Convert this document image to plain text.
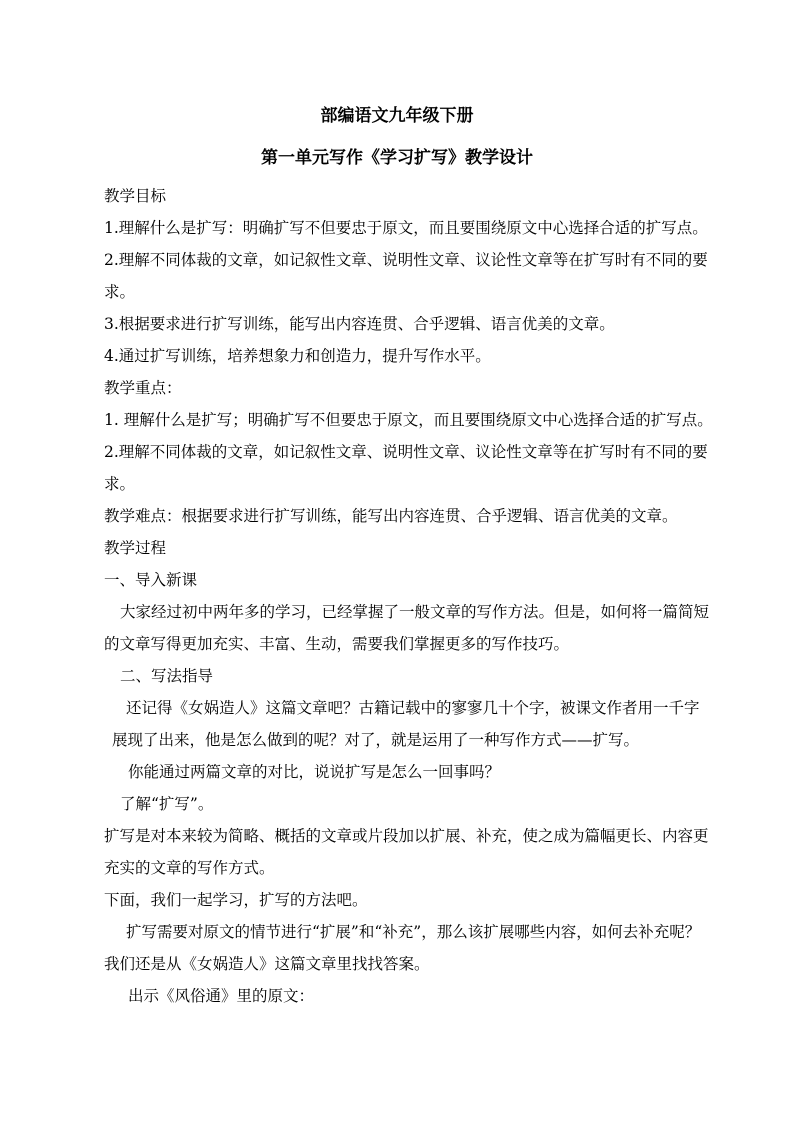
部编语文九年级下册
第一单元写作《学习扩写》教学设计
教学目标
1.理解什么是扩写：明确扩写不但要忠于原文，而且要围绕原文中心选择合适的扩写点。
2.理解不同体裁的文章，如记叙性文章、说明性文章、议论性文章等在扩写时有不同的要
求。
3.根据要求进行扩写训练，能写出内容连贯、合乎逻辑、语言优美的文章。
4.通过扩写训练，培养想象力和创造力，提升写作水平。
教学重点：
1. 理解什么是扩写；明确扩写不但要忠于原文，而且要围绕原文中心选择合适的扩写点。
2.理解不同体裁的文章，如记叙性文章、说明性文章、议论性文章等在扩写时有不同的要
求。
教学难点：根据要求进行扩写训练，能写出内容连贯、合乎逻辑、语言优美的文章。
教学过程
一、导入新课
大家经过初中两年多的学习，已经掌握了一般文章的写作方法。但是，如何将一篇简短
的文章写得更加充实、丰富、生动，需要我们掌握更多的写作技巧。
二、写法指导
还记得《女娲造人》这篇文章吧？古籍记载中的寥寥几十个字，被课文作者用一千字
展现了出来，他是怎么做到的呢？对了，就是运用了一种写作方式——扩写。
你能通过两篇文章的对比，说说扩写是怎么一回事吗？
了解“扩写”。
扩写是对本来较为简略、概括的文章或片段加以扩展、补充，使之成为篇幅更长、内容更
充实的文章的写作方式。
下面，我们一起学习，扩写的方法吧。
扩写需要对原文的情节进行“扩展”和“补充”，那么该扩展哪些内容，如何去补充呢？
我们还是从《女娲造人》这篇文章里找找答案。
出示《风俗通》里的原文：
